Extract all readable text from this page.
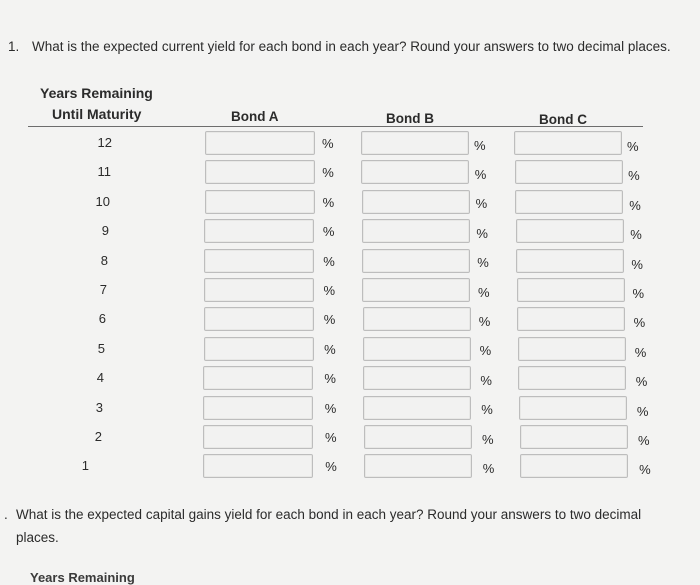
1. What is the expected current yield for each bond in each year? Round your answers to two decimal places.
Years Remaining
Until Maturity	Bond A	Bond B	Bond C
12	%	%	%
11	%	%	%
10	%	%	%
9	%	%	%
8	%	%	%
7	%	%	%
6	%	%	%
5	%	%	%
4	%	%	%
3	%	%	%
2	%	%	%
1	%	%	%
. What is the expected capital gains yield for each bond in each year? Round your answers to two decimal places.
Years Remaining
